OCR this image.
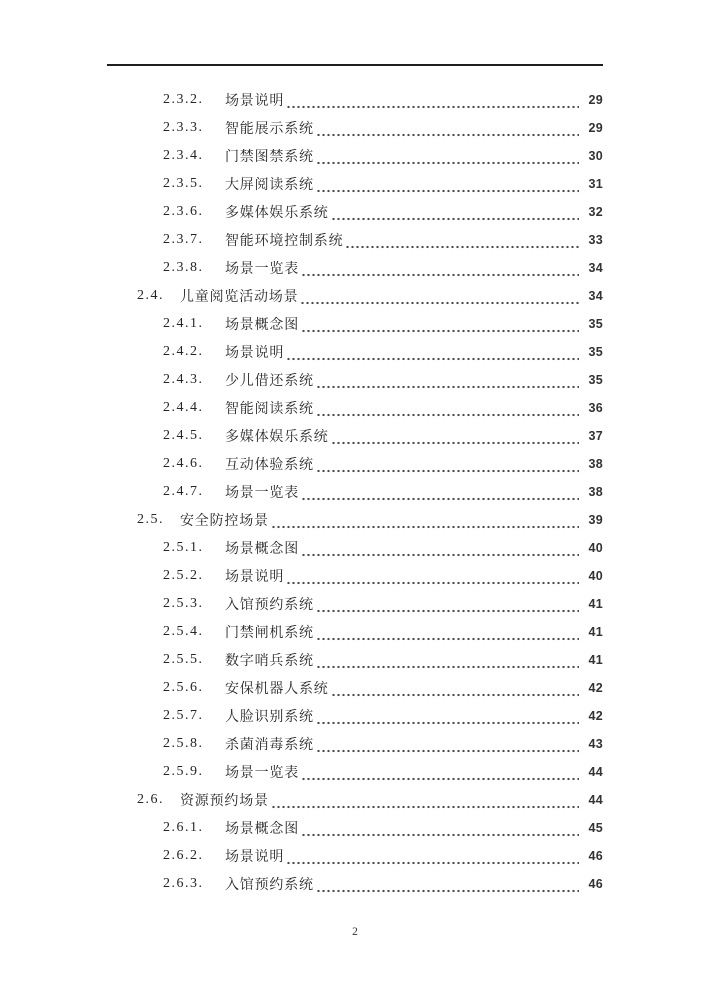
2.3.2.	场景说明	29
2.3.3.	智能展示系统	29
2.3.4.	门禁图禁系统	30
2.3.5.	大屏阅读系统	31
2.3.6.	多媒体娱乐系统	32
2.3.7.	智能环境控制系统	33
2.3.8.	场景一览表	34
2.4.	儿童阅览活动场景	34
2.4.1.	场景概念图	35
2.4.2.	场景说明	35
2.4.3.	少儿借还系统	35
2.4.4.	智能阅读系统	36
2.4.5.	多媒体娱乐系统	37
2.4.6.	互动体验系统	38
2.4.7.	场景一览表	38
2.5.	安全防控场景	39
2.5.1.	场景概念图	40
2.5.2.	场景说明	40
2.5.3.	入馆预约系统	41
2.5.4.	门禁闸机系统	41
2.5.5.	数字哨兵系统	41
2.5.6.	安保机器人系统	42
2.5.7.	人脸识别系统	42
2.5.8.	杀菌消毒系统	43
2.5.9.	场景一览表	44
2.6.	资源预约场景	44
2.6.1.	场景概念图	45
2.6.2.	场景说明	46
2.6.3.	入馆预约系统	46
2
